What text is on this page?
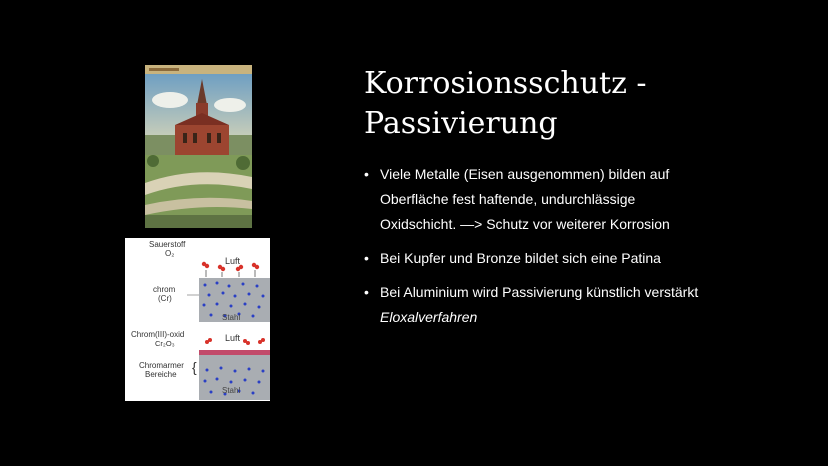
Sauerstoff
O₂
Luft
chrom
(Cr)
Stahl
Chrom(III)-oxid
Cr₂O₃
Luft
Chromarmer
Bereiche {
Stahl
Korrosionsschutz -
Passivierung
• Viele Metalle (Eisen ausgenommen) bilden auf
Oberfläche fest haftende, undurchlässige
Oxidschicht. —> Schutz vor weiterer Korrosion
• Bei Kupfer und Bronze bildet sich eine Patina
• Bei Aluminium wird Passivierung künstlich verstärkt
Eloxalverfahren
